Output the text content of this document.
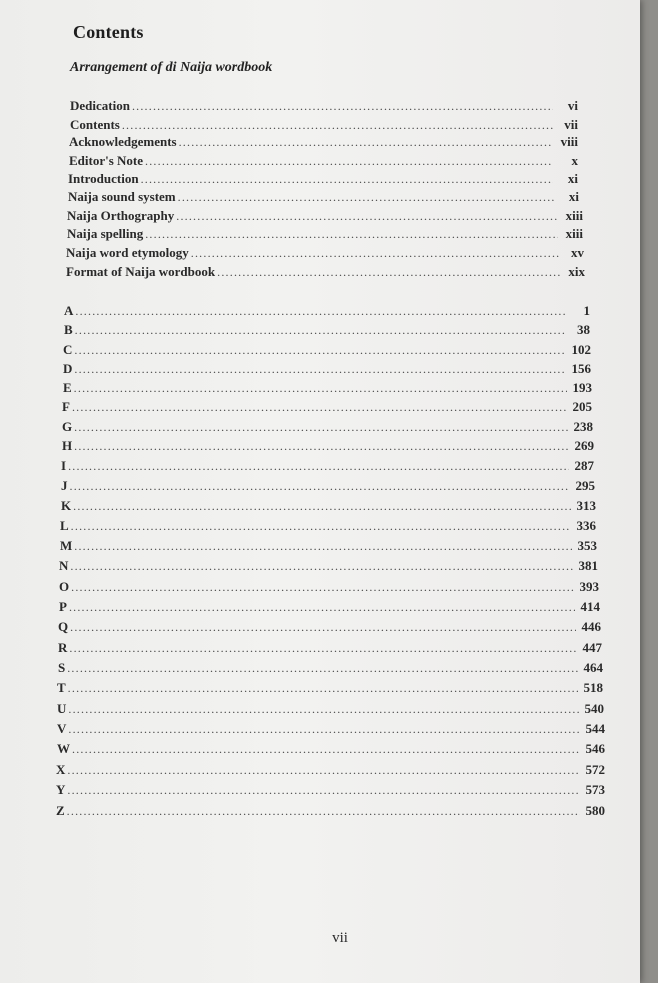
Contents
Arrangement of di Naija wordbook
Dedication .....	vi
Contents .....	vii
Acknowledgements .....	viii
Editor's Note .....	x
Introduction .....	xi
Naija sound system .....	xi
Naija Orthography .....	xiii
Naija spelling .....	xiii
Naija word etymology .....	xv
Format of Naija wordbook .....	xix
A .....	1
B .....	38
C .....	102
D .....	156
E .....	193
F .....	205
G .....	238
H .....	269
I .....	287
J .....	295
K .....	313
L .....	336
M .....	353
N .....	381
O .....	393
P .....	414
Q .....	446
R .....	447
S .....	464
T .....	518
U .....	540
V .....	544
W .....	546
X .....	572
Y .....	573
Z .....	580
vii
